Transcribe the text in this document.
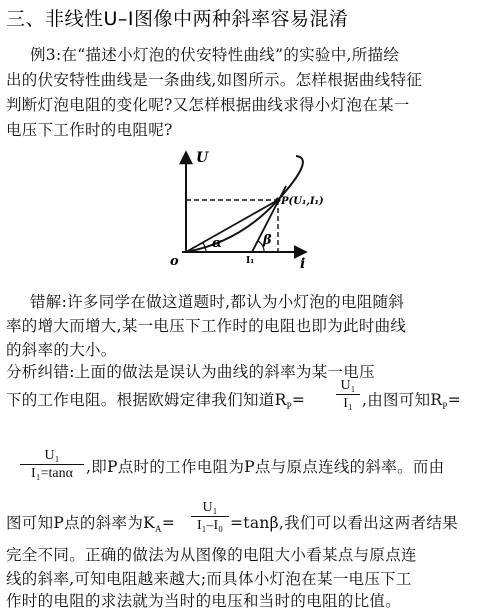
三、非线性U–I图像中两种斜率容易混淆
例3:在“描述小灯泡的伏安特性曲线”的实验中,所描绘
出的伏安特性曲线是一条曲线,如图所示。怎样根据曲线特征
判断灯泡电阻的变化呢?又怎样根据曲线求得小灯泡在某一
电压下工作时的电阻呢?
U
i
o
P(U₁,I₁)
α	β
I₁
错解:许多同学在做这道题时,都认为小灯泡的电阻随斜
率的增大而增大,某一电压下工作时的电阻也即为此时曲线
的斜率的大小。
分析纠错:上面的做法是误认为曲线的斜率为某一电压
下的工作电阻。根据欧姆定律我们知道$R_P=$
U₁
I₁ ,由图可知$R_P=$
U₁
I₁=tanα ,即P点时的工作电阻为P点与原点连线的斜率。而由
图可知P点的斜率为$K_A=$
U₁
I₁–I₀ =tanβ,我们可以看出这两者结果
完全不同。正确的做法为从图像的电阻大小看某点与原点连
线的斜率,可知电阻越来越大;而具体小灯泡在某一电压下工
作时的电阻的求法就为当时的电压和当时的电阻的比值。
